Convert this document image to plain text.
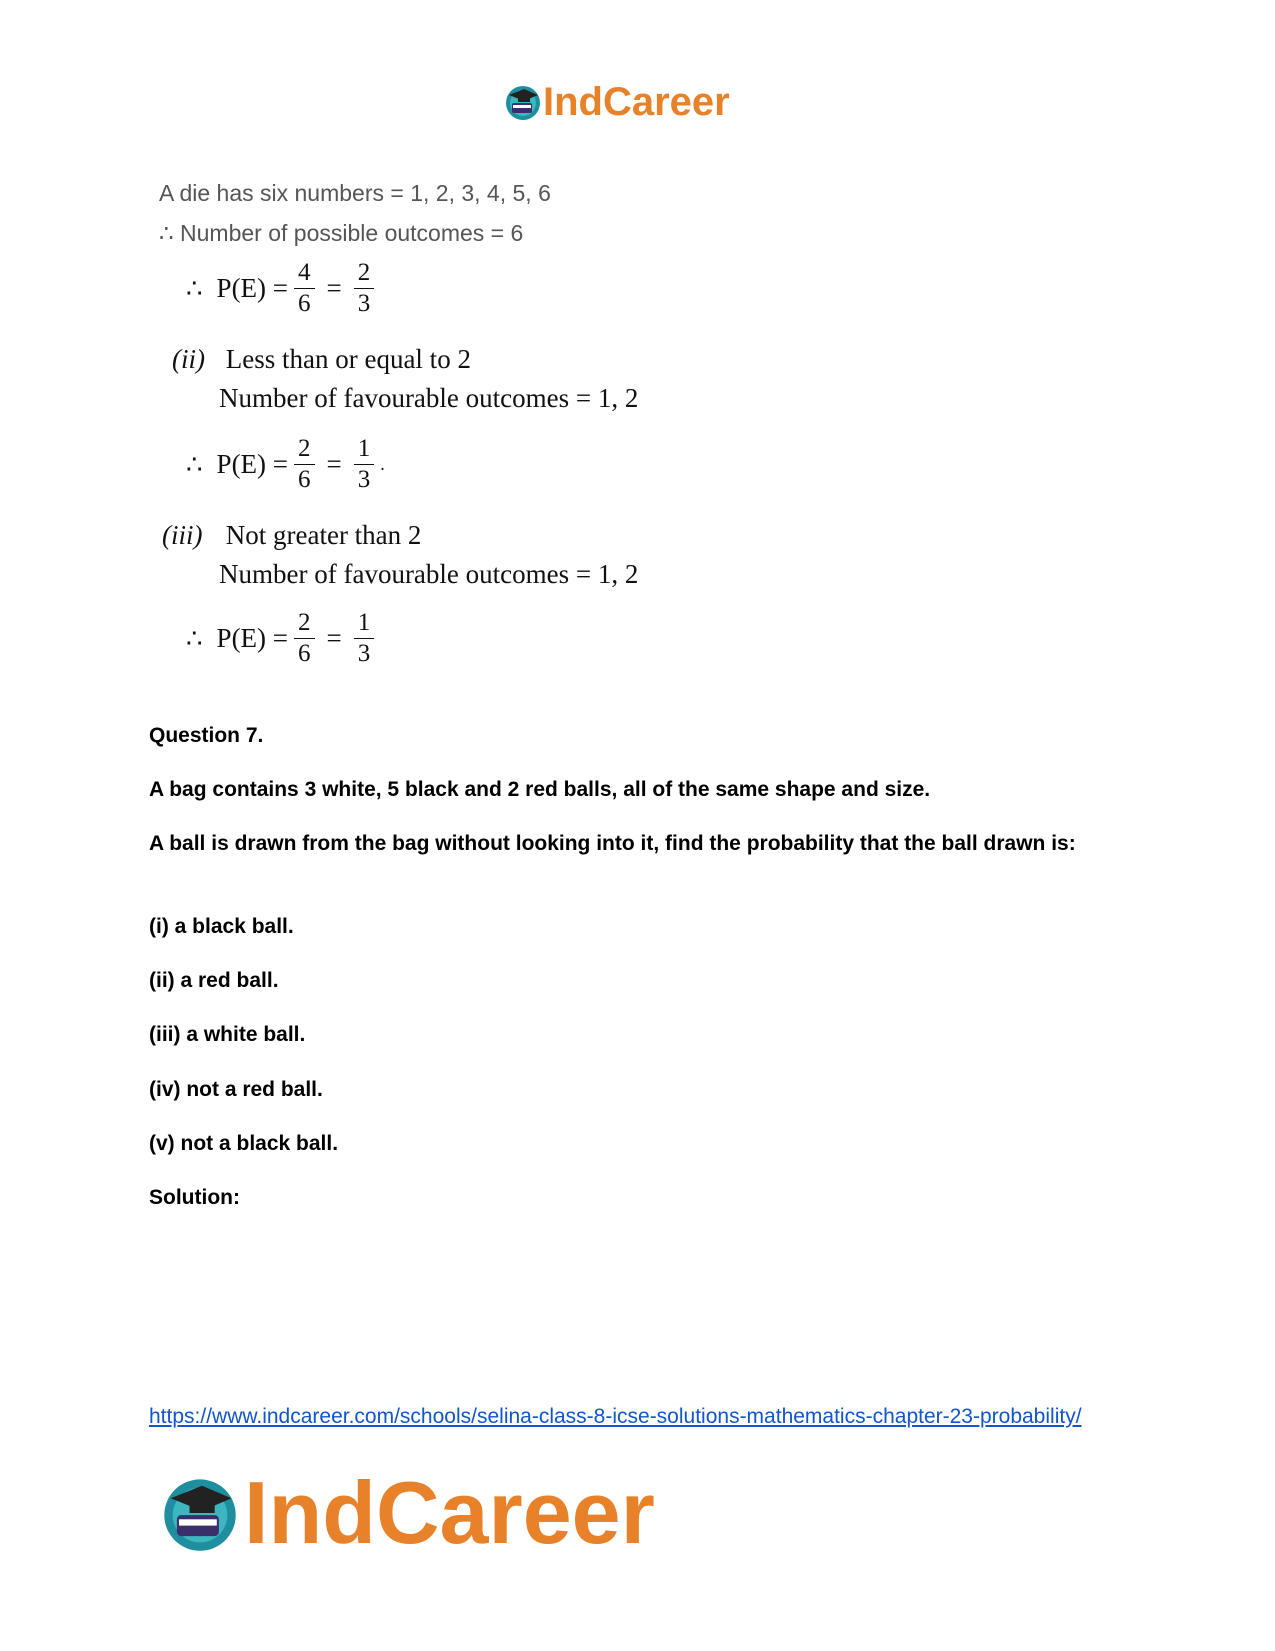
IndCareer
A die has six numbers = 1, 2, 3, 4, 5, 6
∴ Number of possible outcomes = 6
∴ $P(E) = \frac{4}{6} = \frac{2}{3}$
(ii) Less than or equal to 2
Number of favourable outcomes = 1, 2
∴ $P(E) = \frac{2}{6} = \frac{1}{3}$ .
(iii) Not greater than 2
Number of favourable outcomes = 1, 2
∴ $P(E) = \frac{2}{6} = \frac{1}{3}$
Question 7.
A bag contains 3 white, 5 black and 2 red balls, all of the same shape and size.
A ball is drawn from the bag without looking into it, find the probability that the ball drawn is:
(i) a black ball.
(ii) a red ball.
(iii) a white ball.
(iv) not a red ball.
(v) not a black ball.
Solution:
https://www.indcareer.com/schools/selina-class-8-icse-solutions-mathematics-chapter-23-probability/
IndCareer
